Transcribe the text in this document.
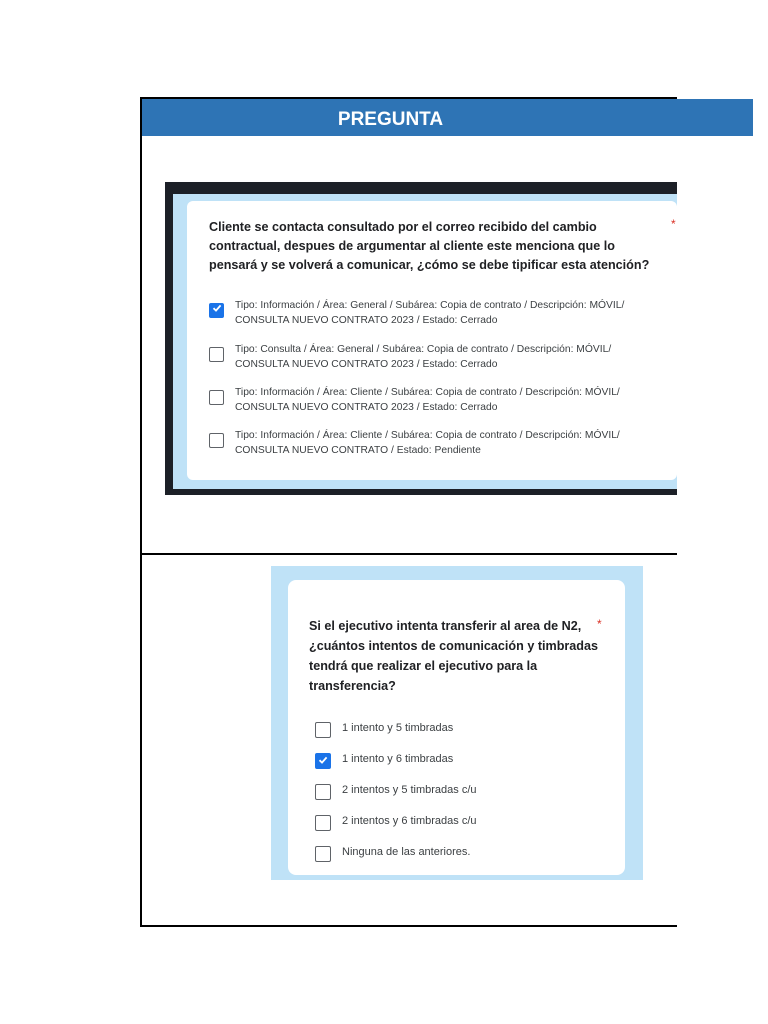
PREGUNTA
Cliente se contacta consultado por el correo recibido del cambio contractual, despues de argumentar al cliente este menciona que lo pensará y se volverá a comunicar, ¿cómo se debe tipificar esta atención?
*
Tipo: Información / Área: General / Subárea: Copia de contrato / Descripción: MÓVIL/ CONSULTA NUEVO CONTRATO 2023 / Estado: Cerrado
Tipo: Consulta / Área: General / Subárea: Copia de contrato / Descripción: MÓVIL/ CONSULTA NUEVO CONTRATO 2023 / Estado: Cerrado
Tipo: Información / Área: Cliente / Subárea: Copia de contrato / Descripción: MÓVIL/ CONSULTA NUEVO CONTRATO 2023 / Estado: Cerrado
Tipo: Información / Área: Cliente / Subárea: Copia de contrato / Descripción: MÓVIL/ CONSULTA NUEVO CONTRATO / Estado: Pendiente
Si el ejecutivo intenta transferir al area de N2, ¿cuántos intentos de comunicación y timbradas tendrá que realizar el ejecutivo para la transferencia?
*
1 intento y 5 timbradas
1 intento y 6 timbradas
2 intentos y 5 timbradas c/u
2 intentos y 6 timbradas c/u
Ninguna de las anteriores.
